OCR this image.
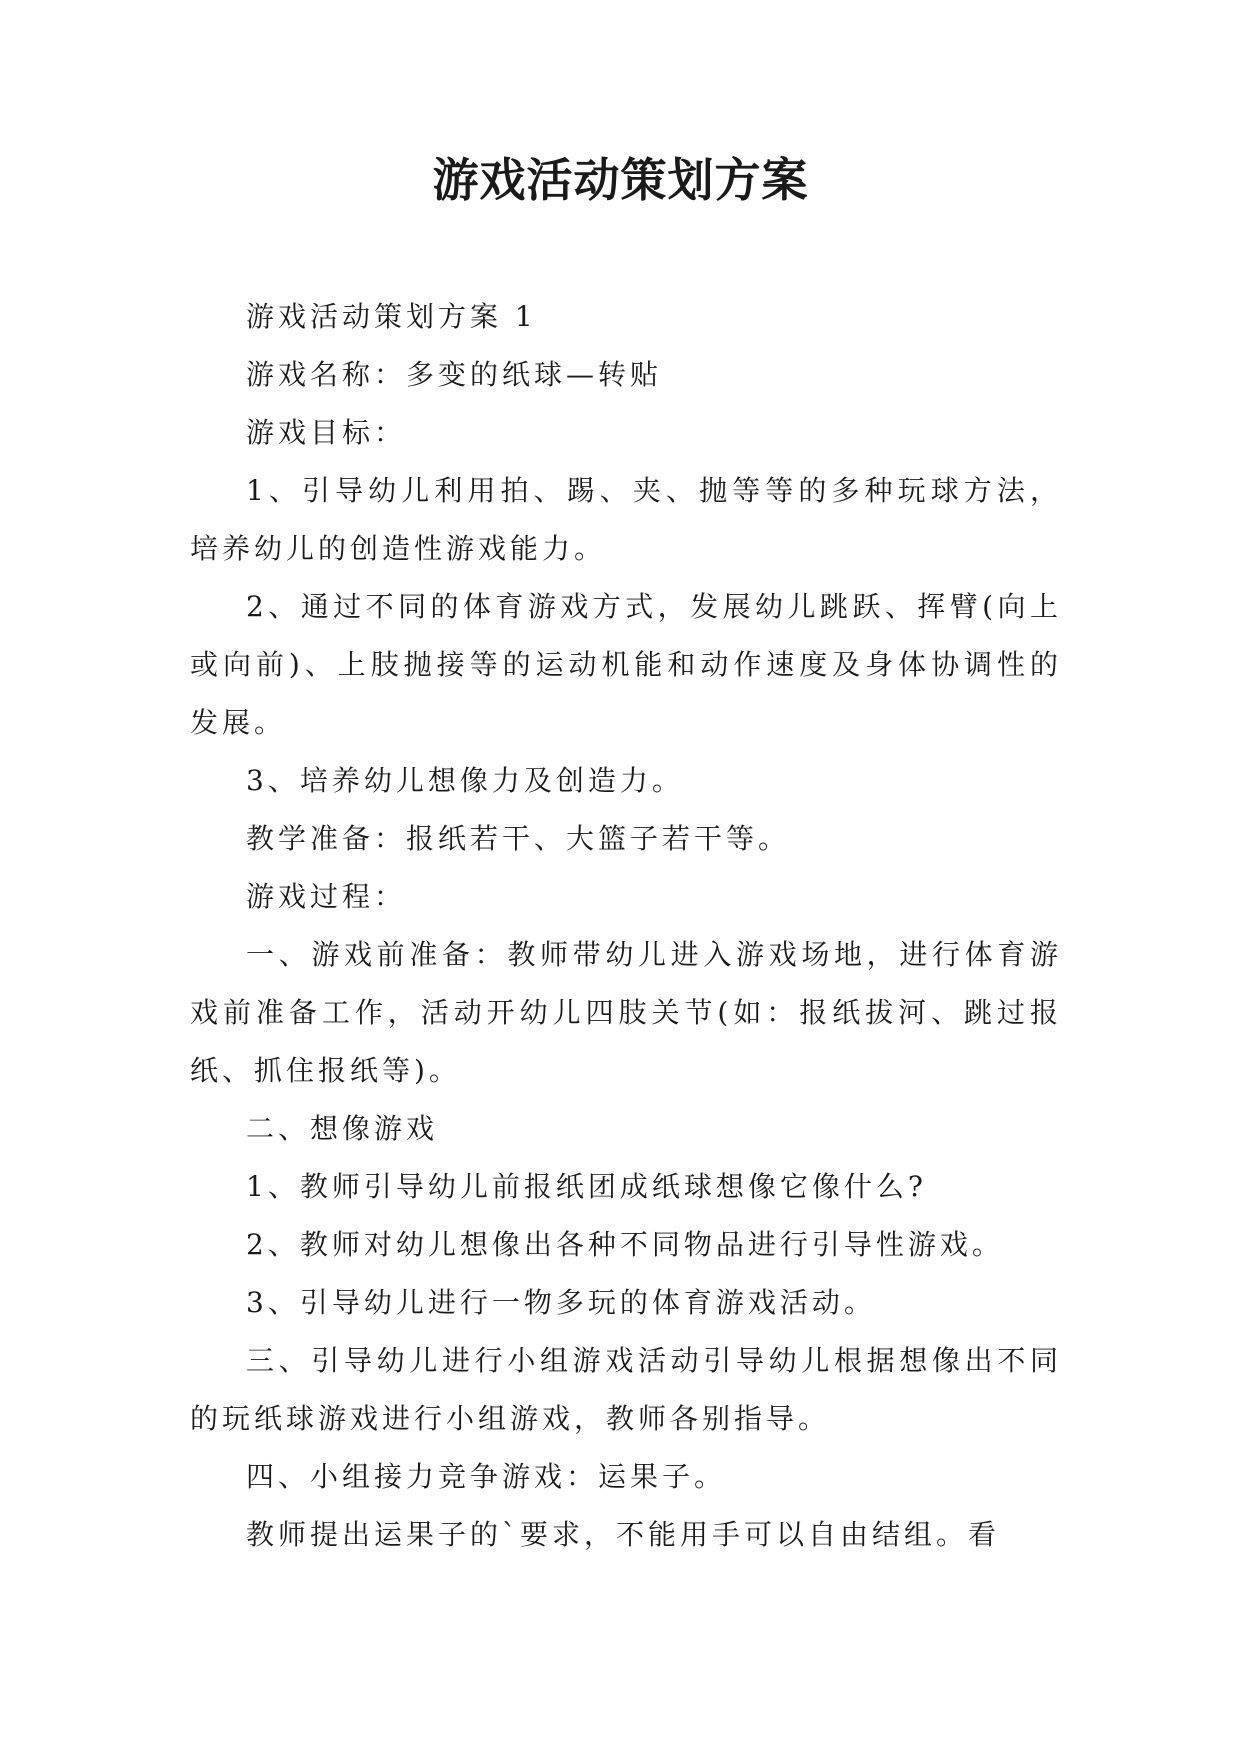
游戏活动策划方案

游戏活动策划方案 1

游戏名称：多变的纸球—转贴

游戏目标：

1、引导幼儿利用拍、踢、夹、抛等等的多种玩球方法，培养幼儿的创造性游戏能力。

2、通过不同的体育游戏方式，发展幼儿跳跃、挥臂(向上或向前)、上肢抛接等的运动机能和动作速度及身体协调性的发展。

3、培养幼儿想像力及创造力。

教学准备：报纸若干、大篮子若干等。

游戏过程：

一、游戏前准备：教师带幼儿进入游戏场地，进行体育游戏前准备工作，活动开幼儿四肢关节(如：报纸拔河、跳过报纸、抓住报纸等)。

二、想像游戏

1、教师引导幼儿前报纸团成纸球想像它像什么?

2、教师对幼儿想像出各种不同物品进行引导性游戏。

3、引导幼儿进行一物多玩的体育游戏活动。

三、引导幼儿进行小组游戏活动引导幼儿根据想像出不同的玩纸球游戏进行小组游戏，教师各别指导。

四、小组接力竞争游戏：运果子。

教师提出运果子的`要求，不能用手可以自由结组。看
